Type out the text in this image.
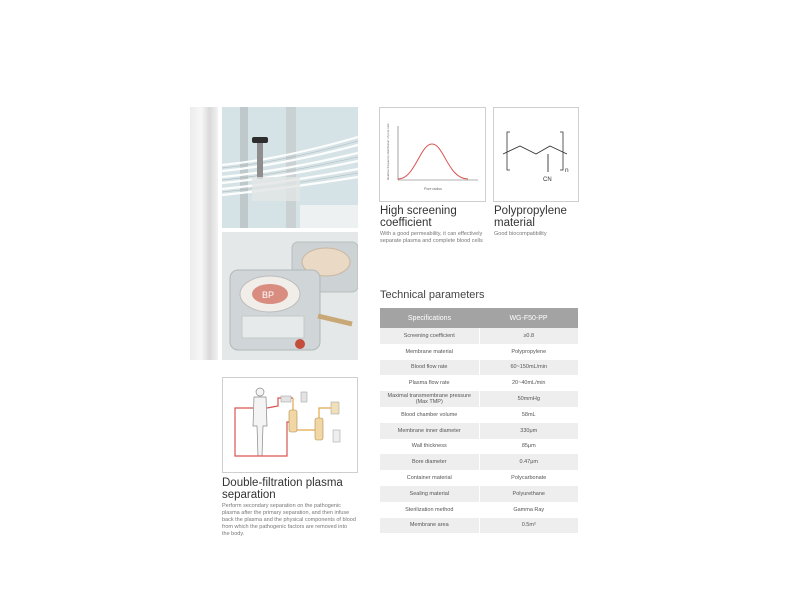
BP
Pore radius
Relative frequency distribution of pore size
High screening coefficient
With a good permeability, it can effectively separate plasma and complete blood cells
CN
n
Polypropylene material
Good biocompatibility
Double-filtration plasma separation
Perform secondary separation on the pathogenic plasma after the primary separation, and then infuse back the plasma and the physical components of blood from which the pathogenic factors are removed into the body.
Technical parameters
Specifications	WG-F50-PP
Screening coefficient	≥0.8
Membrane material	Polypropylene
Blood flow rate	60~150mL/min
Plasma flow rate	20~40mL/min
Maximal transmembrane pressure (Max TMP)	50mmHg
Blood chamber volume	58mL
Membrane inner diameter	330μm
Wall thickness	85μm
Bore diameter	0.47μm
Container material	Polycarbonate
Sealing material	Polyurethane
Sterilization method	Gamma Ray
Membrane area	0.5m²
